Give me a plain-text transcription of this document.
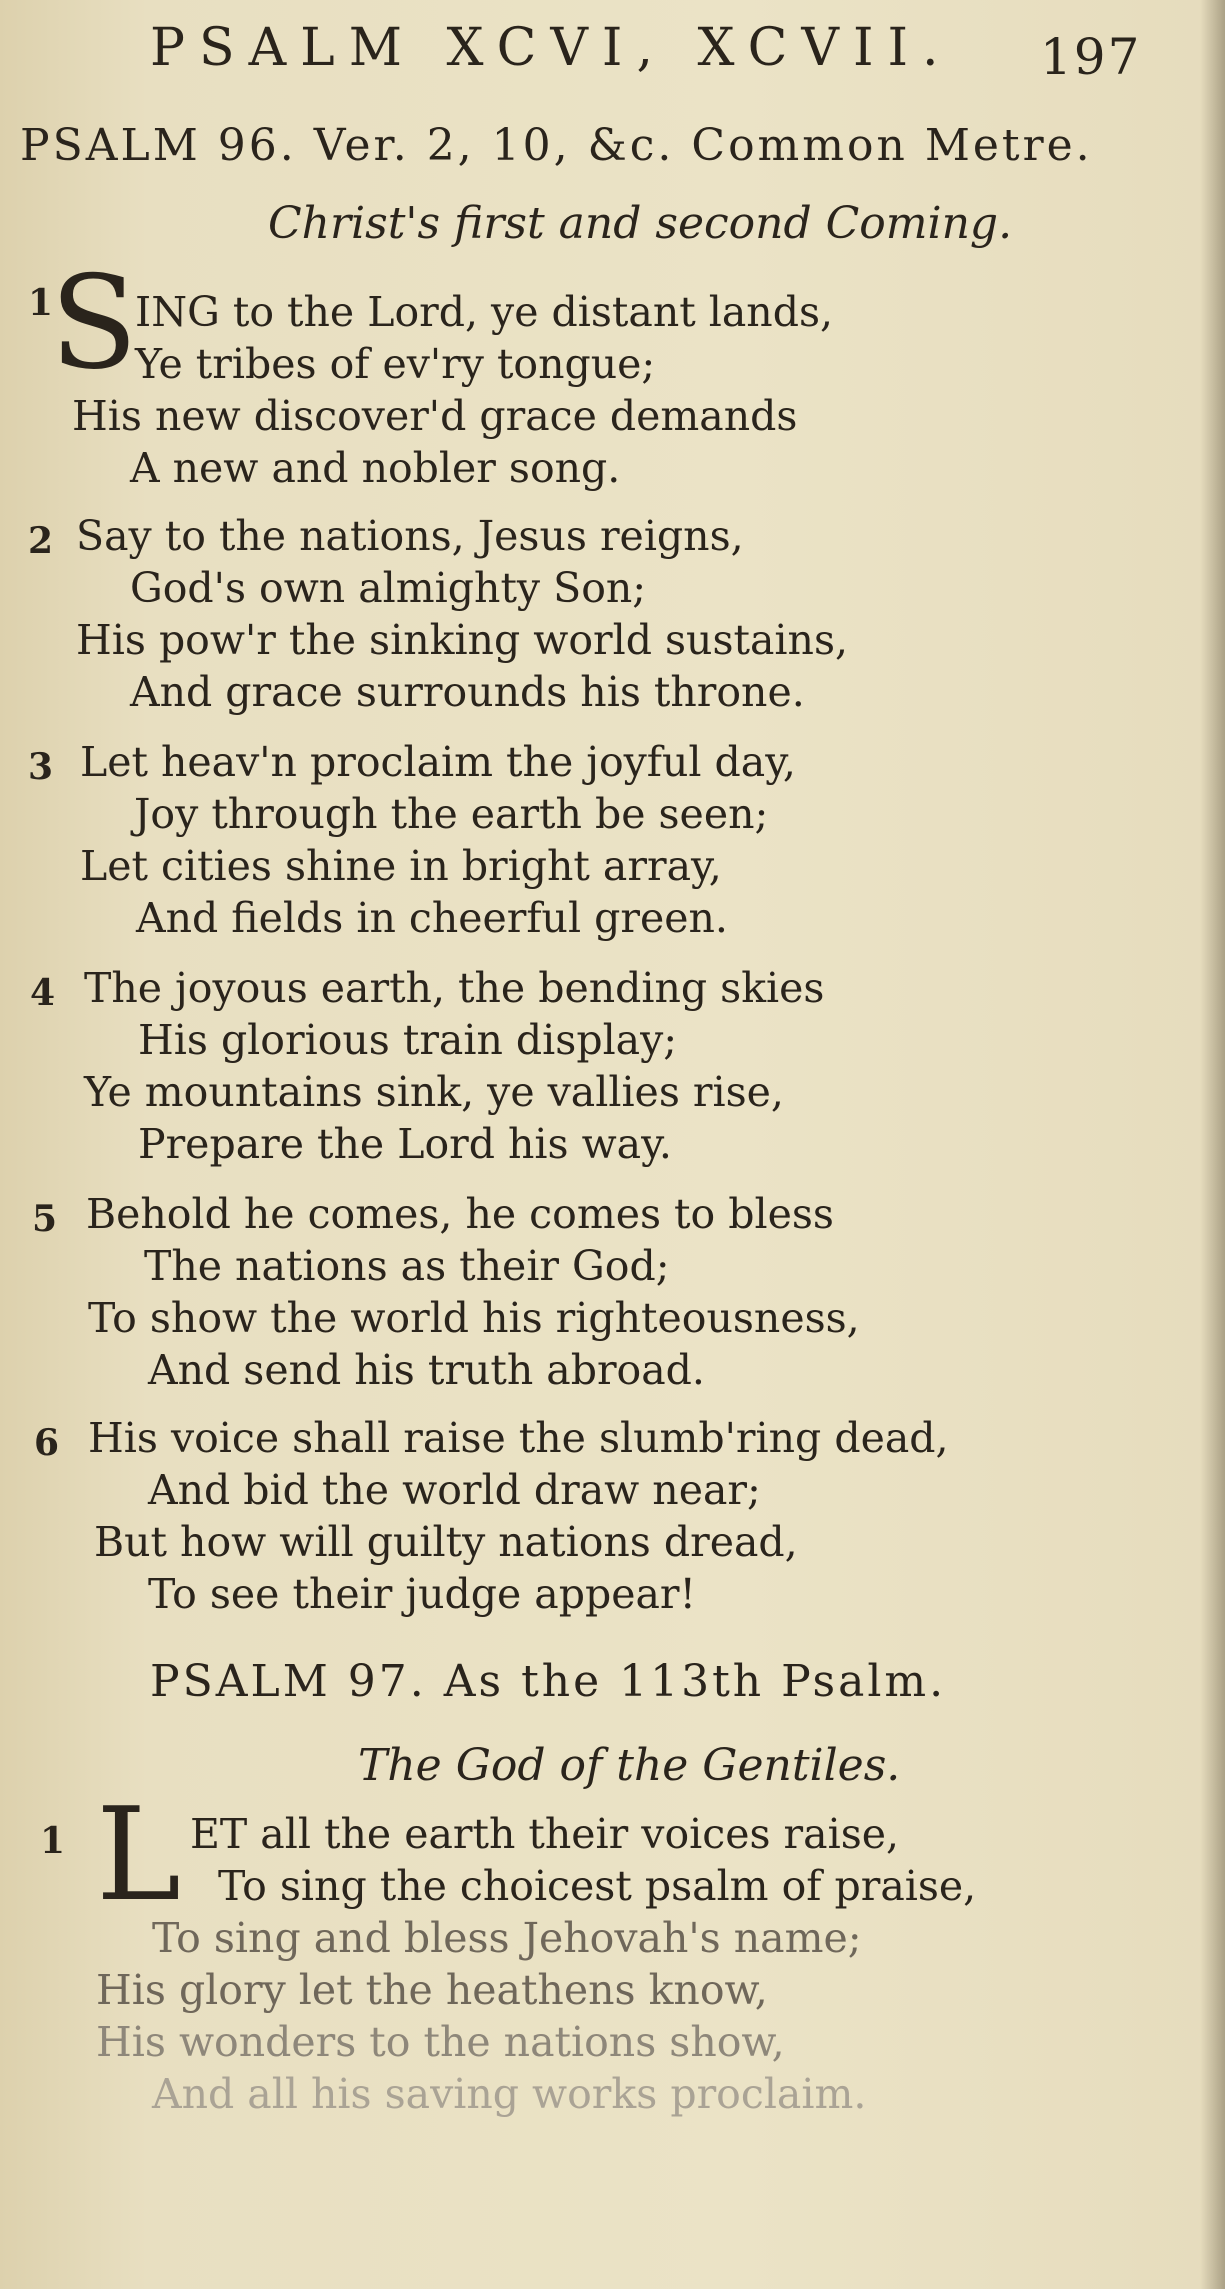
PSALM XCVI, XCVII. 197
PSALM 96. Ver. 2, 10, &c. Common Metre.
Christ's first and second Coming.
1
S
ING to the Lord, ye distant lands,
Ye tribes of ev'ry tongue;
His new discover'd grace demands
A new and nobler song.
2 Say to the nations, Jesus reigns,
God's own almighty Son;
His pow'r the sinking world sustains,
And grace surrounds his throne.
3 Let heav'n proclaim the joyful day,
Joy through the earth be seen;
Let cities shine in bright array,
And fields in cheerful green.
4 The joyous earth, the bending skies
His glorious train display;
Ye mountains sink, ye vallies rise,
Prepare the Lord his way.
5 Behold he comes, he comes to bless
The nations as their God;
To show the world his righteousness,
And send his truth abroad.
6 His voice shall raise the slumb'ring dead,
And bid the world draw near;
But how will guilty nations dread,
To see their judge appear!
PSALM 97. As the 113th Psalm.
The God of the Gentiles.
1 L ET all the earth their voices raise,
To sing the choicest psalm of praise,
To sing and bless Jehovah's name;
His glory let the heathens know,
His wonders to the nations show,
And all his saving works proclaim.
